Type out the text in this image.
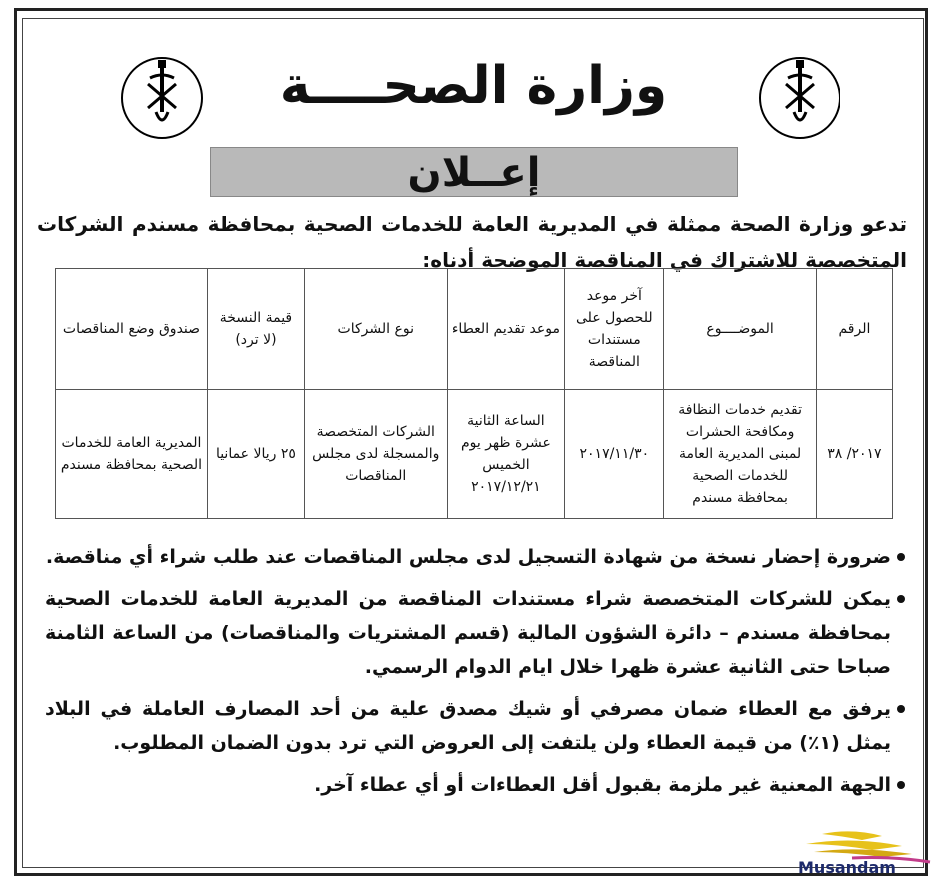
وزارة الصحــــة
إعــلان
تدعو وزارة الصحة ممثلة في المديرية العامة للخدمات الصحية بمحافظة مسندم الشركات المتخصصة للاشتراك في المناقصة الموضحة أدناه:
الرقم	الموضــــوع	آخر موعد للحصول على مستندات المناقصة	موعد تقديم العطاء	نوع الشركات	قيمة النسخة (لا ترد)	صندوق وضع المناقصات
٢٠١٧/ ٣٨	تقديم خدمات النظافة ومكافحة الحشرات لمبنى المديرية العامة للخدمات الصحية بمحافظة مسندم	٢٠١٧/١١/٣٠	الساعة الثانية عشرة ظهر يوم الخميس ٢٠١٧/١٢/٢١	الشركات المتخصصة والمسجلة لدى مجلس المناقصات	٢٥ ريالا عمانيا	المديرية العامة للخدمات الصحية بمحافظة مسندم
ضرورة إحضار نسخة من شهادة التسجيل لدى مجلس المناقصات عند طلب شراء أي مناقصة.
يمكن للشركات المتخصصة شراء مستندات المناقصة من المديرية العامة للخدمات الصحية بمحافظة مسندم – دائرة الشؤون المالية (قسم المشتريات والمناقصات) من الساعة الثامنة صباحا حتى الثانية عشرة ظهرا خلال ايام الدوام الرسمي.
يرفق مع العطاء ضمان مصرفي أو شيك مصدق علية من أحد المصارف العاملة في البلاد يمثل (١٪) من قيمة العطاء ولن يلتفت إلى العروض التي ترد بدون الضمان المطلوب.
الجهة المعنية غير ملزمة بقبول أقل العطاءات أو أي عطاء آخر.
Musandam
